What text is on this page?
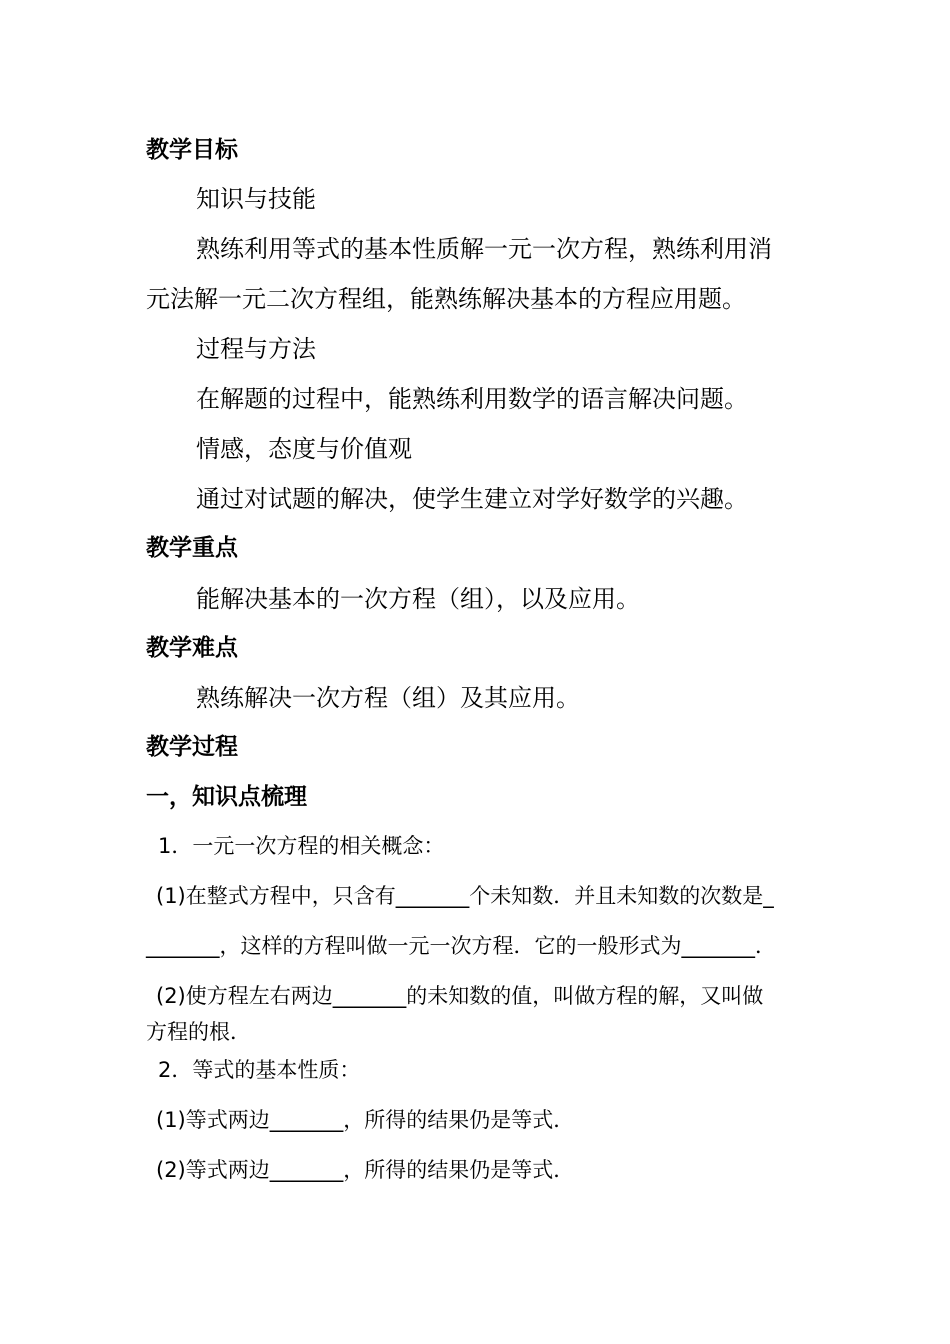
教学目标
知识与技能
熟练利用等式的基本性质解一元一次方程，熟练利用消
元法解一元二次方程组，能熟练解决基本的方程应用题。
过程与方法
在解题的过程中，能熟练利用数学的语言解决问题。
情感，态度与价值观
通过对试题的解决，使学生建立对学好数学的兴趣。
教学重点
能解决基本的一次方程（组），以及应用。
教学难点
熟练解决一次方程（组）及其应用。
教学过程
一，知识点梳理
1．一元一次方程的相关概念：
(1)在整式方程中，只含有_______个未知数．并且未知数的次数是_
_______，这样的方程叫做一元一次方程．它的一般形式为_______．
(2)使方程左右两边_______的未知数的值，叫做方程的解，又叫做
方程的根．
2．等式的基本性质：
(1)等式两边_______，所得的结果仍是等式．
(2)等式两边_______，所得的结果仍是等式．
